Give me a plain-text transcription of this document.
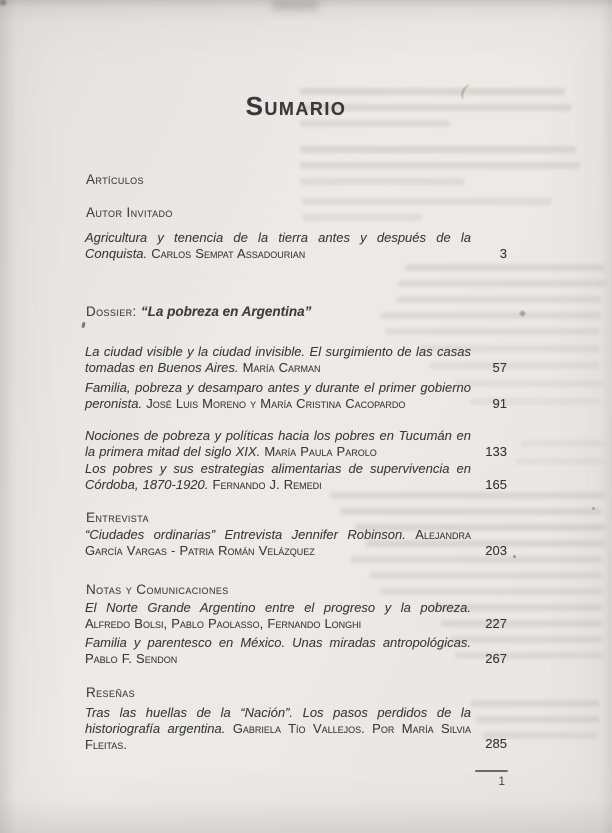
Sumario
Artículos
Autor Invitado

Agricultura y tenencia de la tierra antes y después de la Conquista. Carlos Sempat Assadourian	3
Dossier: “La pobreza en Argentina”

La ciudad visible y la ciudad invisible. El surgimiento de las casas tomadas en Buenos Aires. María Carman	57

Familia, pobreza y desamparo antes y durante el primer gobierno peronista. José Luis Moreno y María Cristina Cacopardo	91

Nociones de pobreza y políticas hacia los pobres en Tucumán en la primera mitad del siglo XIX. María Paula Parolo	133

Los pobres y sus estrategias alimentarias de supervivencia en Córdoba, 1870-1920. Fernando J. Remedi	165
Entrevista

“Ciudades ordinarias” Entrevista Jennifer Robinson. Alejandra García Vargas - Patria Román Velázquez	203
Notas y Comunicaciones

El Norte Grande Argentino entre el progreso y la pobreza. Alfredo Bolsi, Pablo Paolasso, Fernando Longhi	227

Familia y parentesco en México. Unas miradas antropológicas. Pablo F. Sendon	267
Reseñas

Tras las huellas de la “Nación”. Los pasos perdidos de la historiografía argentina. Gabriela Tío Vallejos. Por María Silvia Fleitas.	285
1
